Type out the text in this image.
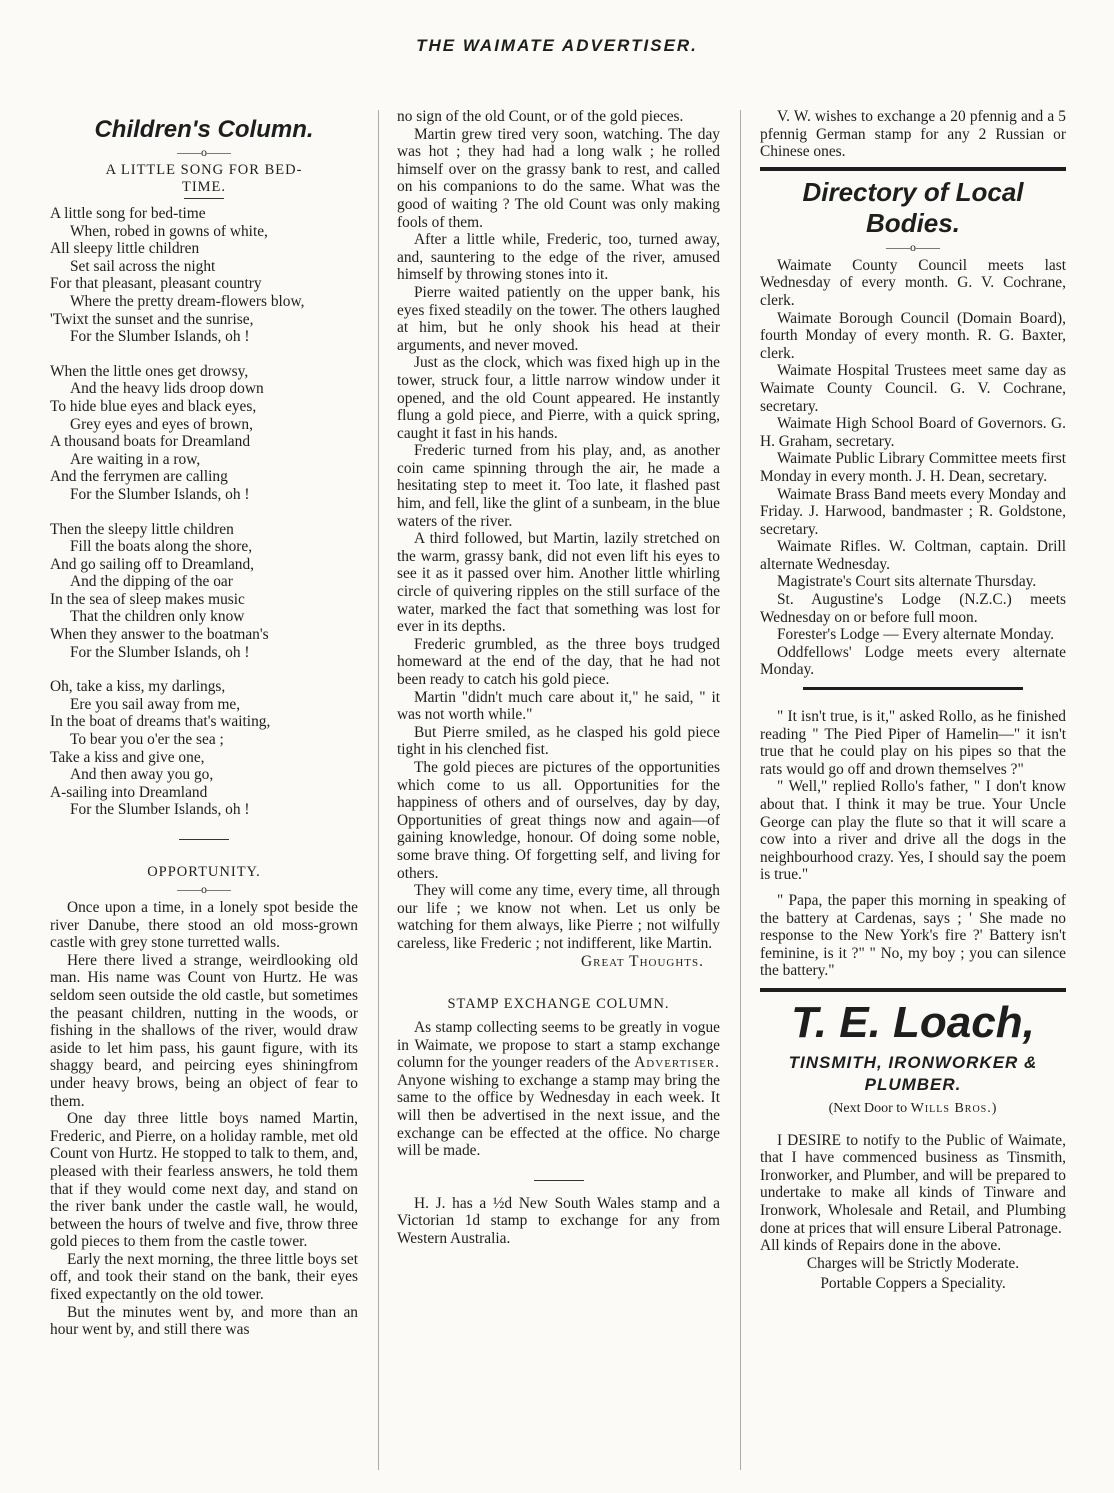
THE WAIMATE ADVERTISER.
Children's Column.
——o——
A LITTLE SONG FOR BED-TIME.
A little song for bed-time
When, robed in gowns of white,
All sleepy little children
Set sail across the night
For that pleasant, pleasant country
Where the pretty dream-flowers blow,
'Twixt the sunset and the sunrise,
For the Slumber Islands, oh !
When the little ones get drowsy,
And the heavy lids droop down
To hide blue eyes and black eyes,
Grey eyes and eyes of brown,
A thousand boats for Dreamland
Are waiting in a row,
And the ferrymen are calling
For the Slumber Islands, oh !
Then the sleepy little children
Fill the boats along the shore,
And go sailing off to Dreamland,
And the dipping of the oar
In the sea of sleep makes music
That the children only know
When they answer to the boatman's
For the Slumber Islands, oh !
Oh, take a kiss, my darlings,
Ere you sail away from me,
In the boat of dreams that's waiting,
To bear you o'er the sea ;
Take a kiss and give one,
And then away you go,
A-sailing into Dreamland
For the Slumber Islands, oh !
OPPORTUNITY.
——o——

Once upon a time, in a lonely spot beside the river Danube, there stood an old moss-grown castle with grey stone turretted walls.

Here there lived a strange, weirdlooking old man. His name was Count von Hurtz. He was seldom seen outside the old castle, but sometimes the peasant children, nutting in the woods, or fishing in the shallows of the river, would draw aside to let him pass, his gaunt figure, with its shaggy beard, and peircing eyes shiningfrom under heavy brows, being an object of fear to them.

One day three little boys named Martin, Frederic, and Pierre, on a holiday ramble, met old Count von Hurtz. He stopped to talk to them, and, pleased with their fearless answers, he told them that if they would come next day, and stand on the river bank under the castle wall, he would, between the hours of twelve and five, throw three gold pieces to them from the castle tower.

Early the next morning, the three little boys set off, and took their stand on the bank, their eyes fixed expectantly on the old tower.

But the minutes went by, and more than an hour went by, and still there was

no sign of the old Count, or of the gold pieces.

Martin grew tired very soon, watching. The day was hot ; they had had a long walk ; he rolled himself over on the grassy bank to rest, and called on his companions to do the same. What was the good of waiting ? The old Count was only making fools of them.

After a little while, Frederic, too, turned away, and, sauntering to the edge of the river, amused himself by throwing stones into it.

Pierre waited patiently on the upper bank, his eyes fixed steadily on the tower. The others laughed at him, but he only shook his head at their arguments, and never moved.

Just as the clock, which was fixed high up in the tower, struck four, a little narrow window under it opened, and the old Count appeared. He instantly flung a gold piece, and Pierre, with a quick spring, caught it fast in his hands.

Frederic turned from his play, and, as another coin came spinning through the air, he made a hesitating step to meet it. Too late, it flashed past him, and fell, like the glint of a sunbeam, in the blue waters of the river.

A third followed, but Martin, lazily stretched on the warm, grassy bank, did not even lift his eyes to see it as it passed over him. Another little whirling circle of quivering ripples on the still surface of the water, marked the fact that something was lost for ever in its depths.

Frederic grumbled, as the three boys trudged homeward at the end of the day, that he had not been ready to catch his gold piece.

Martin "didn't much care about it," he said, " it was not worth while."

But Pierre smiled, as he clasped his gold piece tight in his clenched fist.

The gold pieces are pictures of the opportunities which come to us all. Opportunities for the happiness of others and of ourselves, day by day, Opportunities of great things now and again—of gaining knowledge, honour. Of doing some noble, some brave thing. Of forgetting self, and living for others.

They will come any time, every time, all through our life ; we know not when. Let us only be watching for them always, like Pierre ; not wilfully careless, like Frederic ; not indifferent, like Martin.

Great Thoughts.
STAMP EXCHANGE COLUMN.

As stamp collecting seems to be greatly in vogue in Waimate, we propose to start a stamp exchange column for the younger readers of the Advertiser. Anyone wishing to exchange a stamp may bring the same to the office by Wednesday in each week. It will then be advertised in the next issue, and the exchange can be effected at the office. No charge will be made.

H. J. has a ½d New South Wales stamp and a Victorian 1d stamp to exchange for any from Western Australia.

V. W. wishes to exchange a 20 pfennig and a 5 pfennig German stamp for any 2 Russian or Chinese ones.

Directory of Local Bodies.
——o——

Waimate County Council meets last Wednesday of every month. G. V. Cochrane, clerk.

Waimate Borough Council (Domain Board), fourth Monday of every month. R. G. Baxter, clerk.

Waimate Hospital Trustees meet same day as Waimate County Council. G. V. Cochrane, secretary.

Waimate High School Board of Governors. G. H. Graham, secretary.

Waimate Public Library Committee meets first Monday in every month. J. H. Dean, secretary.

Waimate Brass Band meets every Monday and Friday. J. Harwood, bandmaster ; R. Goldstone, secretary.

Waimate Rifles. W. Coltman, captain. Drill alternate Wednesday.

Magistrate's Court sits alternate Thursday.

St. Augustine's Lodge (N.Z.C.) meets Wednesday on or before full moon.

Forester's Lodge — Every alternate Monday.

Oddfellows' Lodge meets every alternate Monday.

" It isn't true, is it," asked Rollo, as he finished reading " The Pied Piper of Hamelin—" it isn't true that he could play on his pipes so that the rats would go off and drown themselves ?"

" Well," replied Rollo's father, " I don't know about that. I think it may be true. Your Uncle George can play the flute so that it will scare a cow into a river and drive all the dogs in the neighbourhood crazy. Yes, I should say the poem is true."

" Papa, the paper this morning in speaking of the battery at Cardenas, says ; ' She made no response to the New York's fire ?' Battery isn't feminine, is it ?" " No, my boy ; you can silence the battery."

T. E. Loach,
TINSMITH, IRONWORKER & PLUMBER.
(Next Door to Wills Bros.)

I DESIRE to notify to the Public of Waimate, that I have commenced business as Tinsmith, Ironworker, and Plumber, and will be prepared to undertake to make all kinds of Tinware and Ironwork, Wholesale and Retail, and Plumbing done at prices that will ensure Liberal Patronage.

All kinds of Repairs done in the above.

Charges will be Strictly Moderate.

Portable Coppers a Speciality.
